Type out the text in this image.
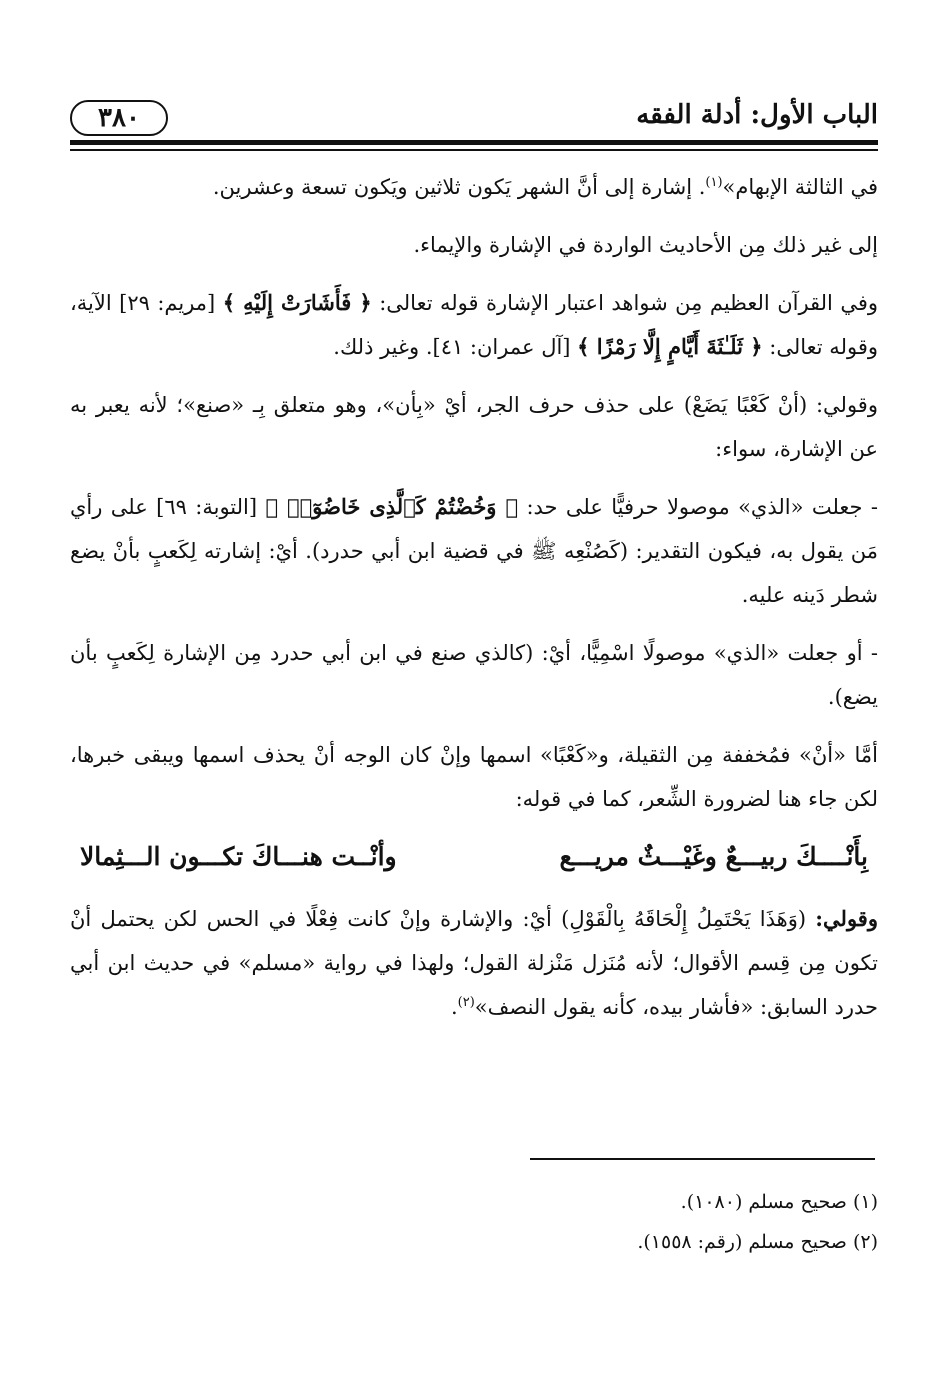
٣٨٠	الباب الأول: أدلة الفقه

في الثالثة الإبهام»$^{(١)}$. إشارة إلى أنَّ الشهر يَكون ثلاثين ويَكون تسعة وعشرين.

إلى غير ذلك مِن الأحاديث الواردة في الإشارة والإيماء.

وفي القرآن العظيم مِن شواهد اعتبار الإشارة قوله تعالى: ﴿ فَأَشَارَتْ إِلَيْهِ ﴾ [مريم: ٢٩] الآية، وقوله تعالى: ﴿ ثَلَـٰثَةَ أَيَّامٍ إِلَّا رَمْزًا ﴾ [آل عمران: ٤١]. وغير ذلك.

وقولي: (أنْ كَعْبًا يَضَعْ) على حذف حرف الجر، أيْ «بِأن»، وهو متعلق بِـ «صنع»؛ لأنه يعبر به عن الإشارة، سواء:

- جعلت «الذي» موصولا حرفيًّا على حد: ﴿ وَخُضْتُمْ كَٱلَّذِى خَاضُوٓا۟ ﴾ [التوبة: ٦٩] على رأي مَن يقول به، فيكون التقدير: (كَصُنْعِه ﷺ في قضية ابن أبي حدرد). أيْ: إشارته لِكَعبٍ بأنْ يضع شطر دَينه عليه.

- أو جعلت «الذي» موصولًا اسْمِيًّا، أيْ: (كالذي صنع في ابن أبي حدرد مِن الإشارة لِكَعبٍ بأن يضع).

أمَّا «أنْ» فمُخففة مِن الثقيلة، و«كَعْبًا» اسمها وإنْ كان الوجه أنْ يحذف اسمها ويبقى خبرها، لكن جاء هنا لضرورة الشِّعر، كما في قوله:

بِأَنْــــكَ ربيـــعٌ وغَيْـــثٌ مريـــع
وأنْــت هنـــاكَ تكـــون الـــثِمالا

وقولي: (وَهَذَا يَحْتَمِلُ إِلْحَاقَهُ بِالْقَوْلِ) أيْ: والإشارة وإنْ كانت فِعْلًا في الحس لكن يحتمل أنْ تكون مِن قِسم الأقوال؛ لأنه مُنَزل مَنْزلة القول؛ ولهذا في رواية «مسلم» في حديث ابن أبي حدرد السابق: «فأشار بيده، كأنه يقول النصف»$^{(٢)}$.

(١) صحيح مسلم (١٠٨٠).
(٢) صحيح مسلم (رقم: ١٥٥٨).
